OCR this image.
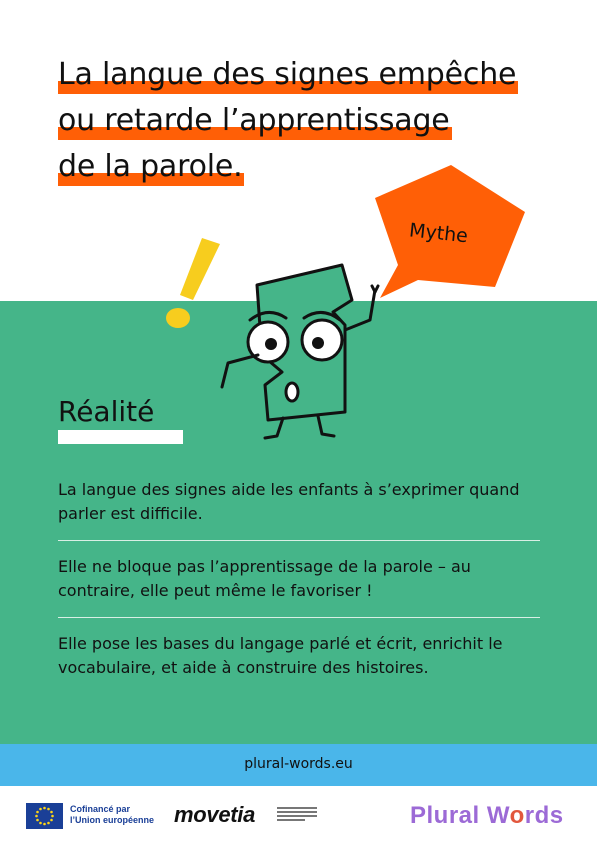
La langue des signes empêche
ou retarde l’apprentissage
de la parole.
Mythe
Réalité
La langue des signes aide les enfants à s’exprimer quand parler est difficile.
Elle ne bloque pas l’apprentissage de la parole – au contraire, elle peut même le favoriser !
Elle pose les bases du langage parlé et écrit, enrichit le vocabulaire, et aide à construire des histoires.
plural-words.eu
Cofinancé par
l’Union européenne movetia	Plural Words
